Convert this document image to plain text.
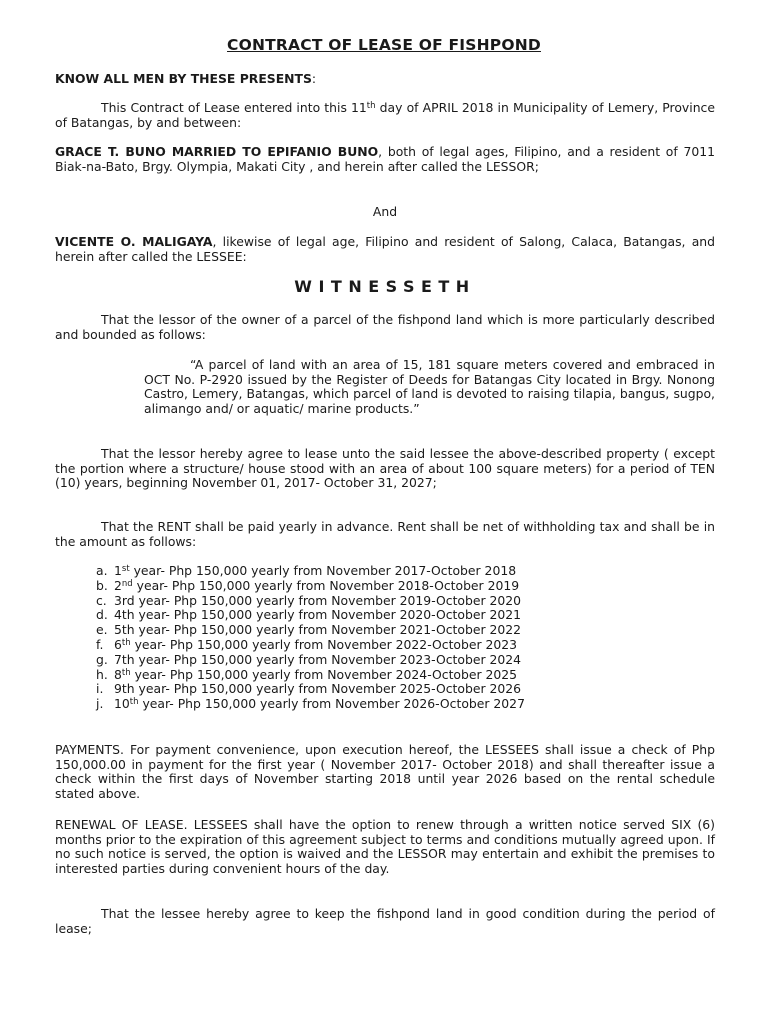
CONTRACT OF LEASE OF FISHPOND
KNOW ALL MEN BY THESE PRESENTS:
This Contract of Lease entered into this 11th day of APRIL 2018 in Municipality of Lemery, Province of Batangas, by and between:
GRACE T. BUNO MARRIED TO EPIFANIO BUNO, both of legal ages, Filipino, and a resident of 7011 Biak-na-Bato, Brgy. Olympia, Makati City , and herein after called the LESSOR;
And
VICENTE O. MALIGAYA, likewise of legal age, Filipino and resident of Salong, Calaca, Batangas, and herein after called the LESSEE:
WITNESSETH
That the lessor of the owner of a parcel of the fishpond land which is more particularly described and bounded as follows:
“A parcel of land with an area of 15, 181 square meters covered and embraced in OCT No. P-2920 issued by the Register of Deeds for Batangas City located in Brgy. Nonong Castro, Lemery, Batangas, which parcel of land is devoted to raising tilapia, bangus, sugpo, alimango and/ or aquatic/ marine products.”
That the lessor hereby agree to lease unto the said lessee the above-described property ( except the portion where a structure/ house stood with an area of about 100 square meters) for a period of TEN (10) years, beginning November 01, 2017- October 31, 2027;
That the RENT shall be paid yearly in advance. Rent shall be net of withholding tax and shall be in the amount as follows:
a. 1st year- Php 150,000 yearly from November 2017-October 2018
b. 2nd year- Php 150,000 yearly from November 2018-October 2019
c. 3rd year- Php 150,000 yearly from November 2019-October 2020
d. 4th year- Php 150,000 yearly from November 2020-October 2021
e. 5th year- Php 150,000 yearly from November 2021-October 2022
f. 6th year- Php 150,000 yearly from November 2022-October 2023
g. 7th year- Php 150,000 yearly from November 2023-October 2024
h. 8th year- Php 150,000 yearly from November 2024-October 2025
i. 9th year- Php 150,000 yearly from November 2025-October 2026
j. 10th year- Php 150,000 yearly from November 2026-October 2027
PAYMENTS. For payment convenience, upon execution hereof, the LESSEES shall issue a check of Php 150,000.00 in payment for the first year ( November 2017- October 2018) and shall thereafter issue a check within the first days of November starting 2018 until year 2026 based on the rental schedule stated above.
RENEWAL OF LEASE. LESSEES shall have the option to renew through a written notice served SIX (6) months prior to the expiration of this agreement subject to terms and conditions mutually agreed upon. If no such notice is served, the option is waived and the LESSOR may entertain and exhibit the premises to interested parties during convenient hours of the day.
That the lessee hereby agree to keep the fishpond land in good condition during the period of lease;
